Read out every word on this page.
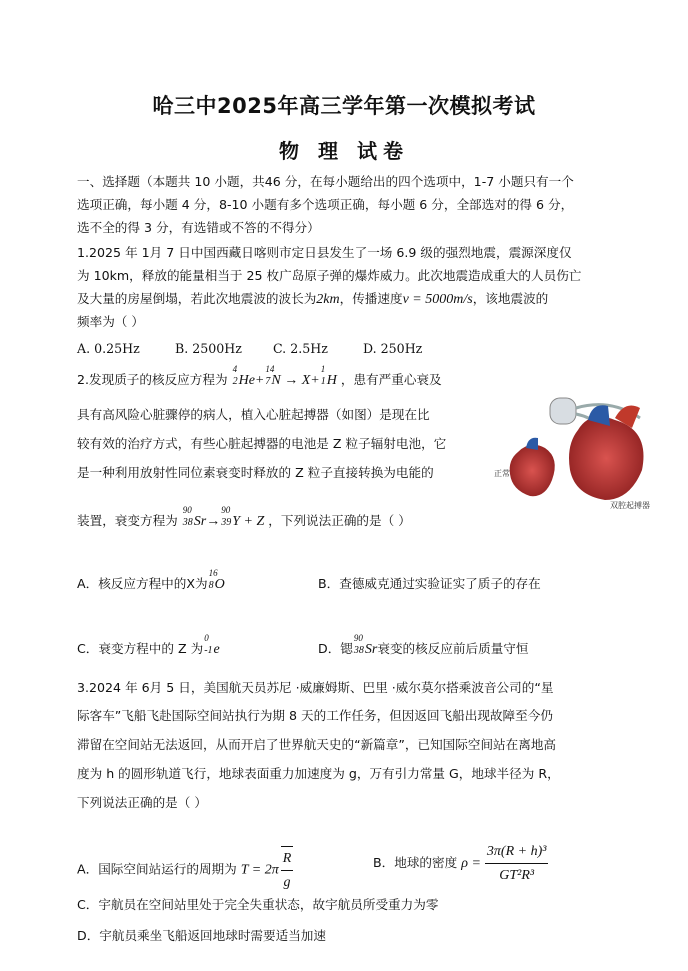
哈三中2025年高三学年第一次模拟考试
物 理 试卷
一、选择题（本题共 10 小题，共46 分，在每小题给出的四个选项中，1-7 小题只有一个
选项正确，每小题 4 分，8-10 小题有多个选项正确，每小题 6 分，全部选对的得 6 分，
选不全的得 3 分，有选错或不答的不得分）
1.2025 年 1月 7 日中国西藏日喀则市定日县发生了一场 6.9 级的强烈地震，震源深度仅
为 10km，释放的能量相当于 25 枚广岛原子弹的爆炸威力。此次地震造成重大的人员伤亡
及大量的房屋倒塌，若此次地震波的波长为2km，传播速度v = 5000m/s，该地震波的
频率为（ ）
A. 0.25Hz	B. 2500Hz C. 2.5Hz	D. 250Hz
2.发现质子的核反应方程为
4
2He+
14
7N → X+
1
1H ，患有严重心衰及
具有高风险心脏骤停的病人，植入心脏起搏器（如图）是现在比
较有效的治疗方式，有些心脏起搏器的电池是 Z 粒子辐射电池，它
是一种利用放射性同位素衰变时释放的 Z 粒子直接转换为电能的
装置，衰变方程为
90
38Sr→
90
39Y + Z ，下列说法正确的是（ ）
正常
双腔起搏器
A．核反应方程中的X为
16
8O	B．查德威克通过实验证实了质子的存在
C．衰变方程中的 Z 为
0
-1e	D．锶
90
38Sr衰变的核反应前后质量守恒
3.2024 年 6月 5 日，美国航天员苏尼 ·威廉姆斯、巴里 ·威尔莫尔搭乘波音公司的“星
际客车”飞船飞赴国际空间站执行为期 8 天的工作任务，但因返回飞船出现故障至今仍
滞留在空间站无法返回，从而开启了世界航天史的“新篇章”，已知国际空间站在离地高
度为 h 的圆形轨道飞行，地球表面重力加速度为 g，万有引力常量 G，地球半径为 R，
下列说法正确的是（ ）
A．国际空间站运行的周期为 $T = 2\pi \frac{R}{g}$	B．地球的密度 $\rho = \frac{\text{3π(R + h)³}}{\text{GT²R³}}$
C．宇航员在空间站里处于完全失重状态，故宇航员所受重力为零
D．宇航员乘坐飞船返回地球时需要适当加速
